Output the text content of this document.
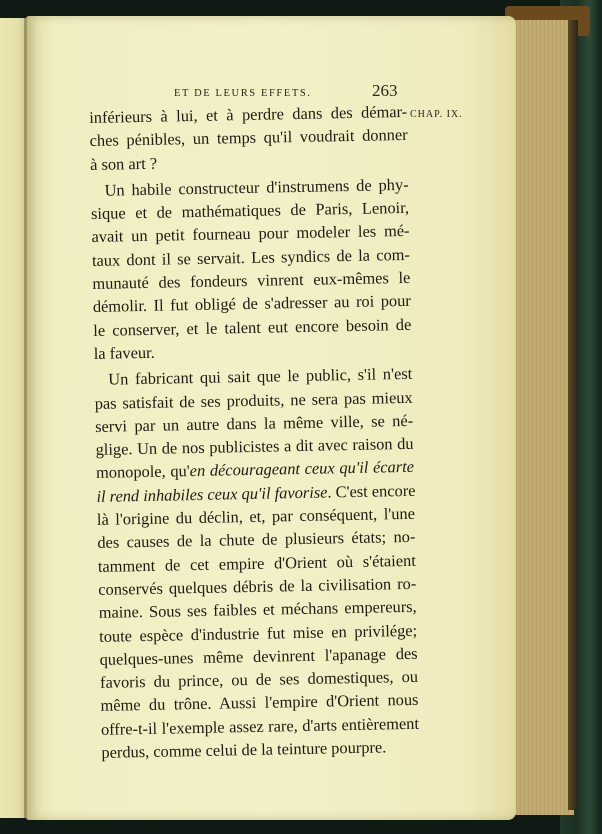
ET DE LEURS EFFETS.	263
CHAP. IX.
inférieurs à lui, et à perdre dans des démar-
ches pénibles, un temps qu'il voudrait donner
à son art ?
Un habile constructeur d'instrumens de phy-
sique et de mathématiques de Paris, Lenoir,
avait un petit fourneau pour modeler les mé-
taux dont il se servait. Les syndics de la com-
munauté des fondeurs vinrent eux-mêmes le
démolir. Il fut obligé de s'adresser au roi pour
le conserver, et le talent eut encore besoin de
la faveur.
Un fabricant qui sait que le public, s'il n'est
pas satisfait de ses produits, ne sera pas mieux
servi par un autre dans la même ville, se né-
glige. Un de nos publicistes a dit avec raison du
monopole, qu'en décourageant ceux qu'il écarte
il rend inhabiles ceux qu'il favorise. C'est encore
là l'origine du déclin, et, par conséquent, l'une
des causes de la chute de plusieurs états; no-
tamment de cet empire d'Orient où s'étaient
conservés quelques débris de la civilisation ro-
maine. Sous ses faibles et méchans empereurs,
toute espèce d'industrie fut mise en privilége;
quelques-unes même devinrent l'apanage des
favoris du prince, ou de ses domestiques, ou
même du trône. Aussi l'empire d'Orient nous
offre-t-il l'exemple assez rare, d'arts entièrement
perdus, comme celui de la teinture pourpre.
